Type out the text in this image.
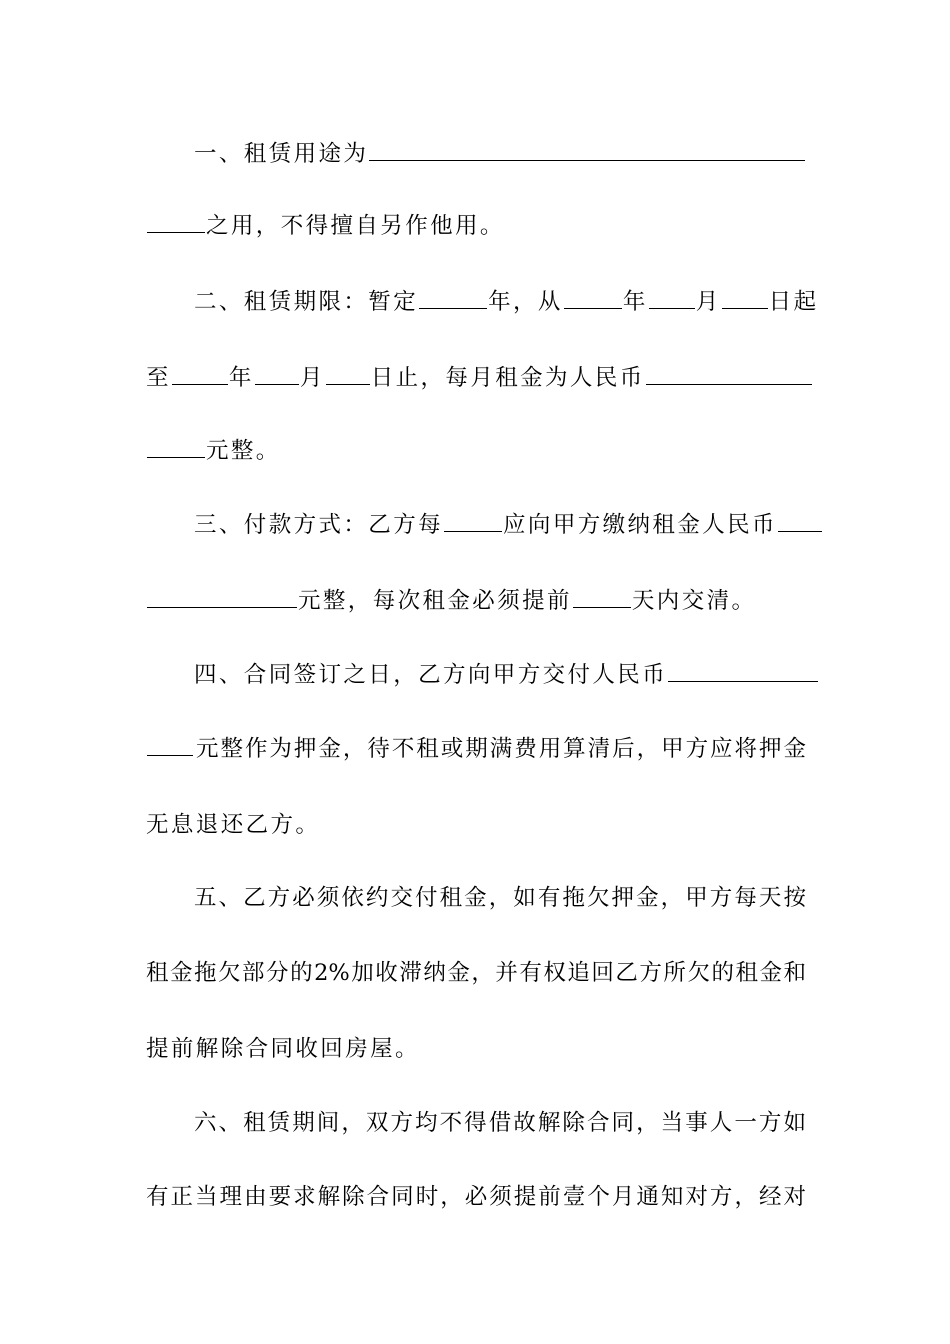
一、租赁用途为
之用，不得擅自另作他用。
二、租赁期限：暂定	年，从	年 月 日起
至	年 月 日止，每月租金为人民币
元整。
三、付款方式：乙方每	应向甲方缴纳租金人民币
元整，每次租金必须提前	天内交清。
四、合同签订之日，乙方向甲方交付人民币
元整作为押金，待不租或期满费用算清后，甲方应将押金
无息退还乙方。
五、乙方必须依约交付租金，如有拖欠押金，甲方每天按
租金拖欠部分的2%加收滞纳金，并有权追回乙方所欠的租金和
提前解除合同收回房屋。
六、租赁期间，双方均不得借故解除合同，当事人一方如
有正当理由要求解除合同时，必须提前壹个月通知对方，经对
